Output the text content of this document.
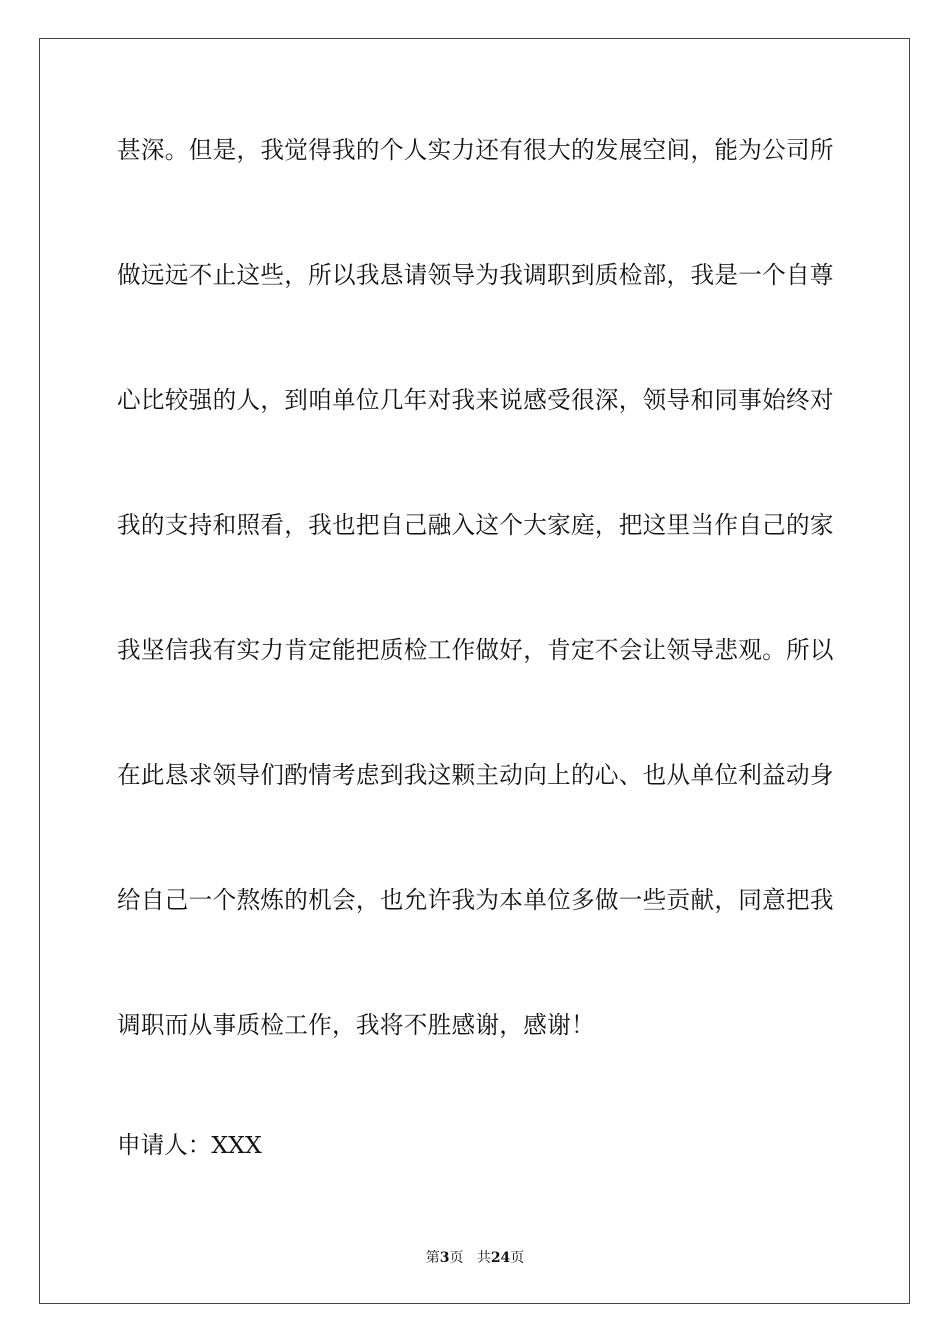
甚深。但是，我觉得我的个人实力还有很大的发展空间，能为公司所
做远远不止这些，所以我恳请领导为我调职到质检部，我是一个自尊
心比较强的人，到咱单位几年对我来说感受很深，领导和同事始终对
我的支持和照看，我也把自己融入这个大家庭，把这里当作自己的家
我坚信我有实力肯定能把质检工作做好，肯定不会让领导悲观。所以
在此恳求领导们酌情考虑到我这颗主动向上的心、也从单位利益动身
给自己一个熬炼的机会，也允许我为本单位多做一些贡献，同意把我
调职而从事质检工作，我将不胜感谢，感谢！
申请人：XXX
第3页 共24页
